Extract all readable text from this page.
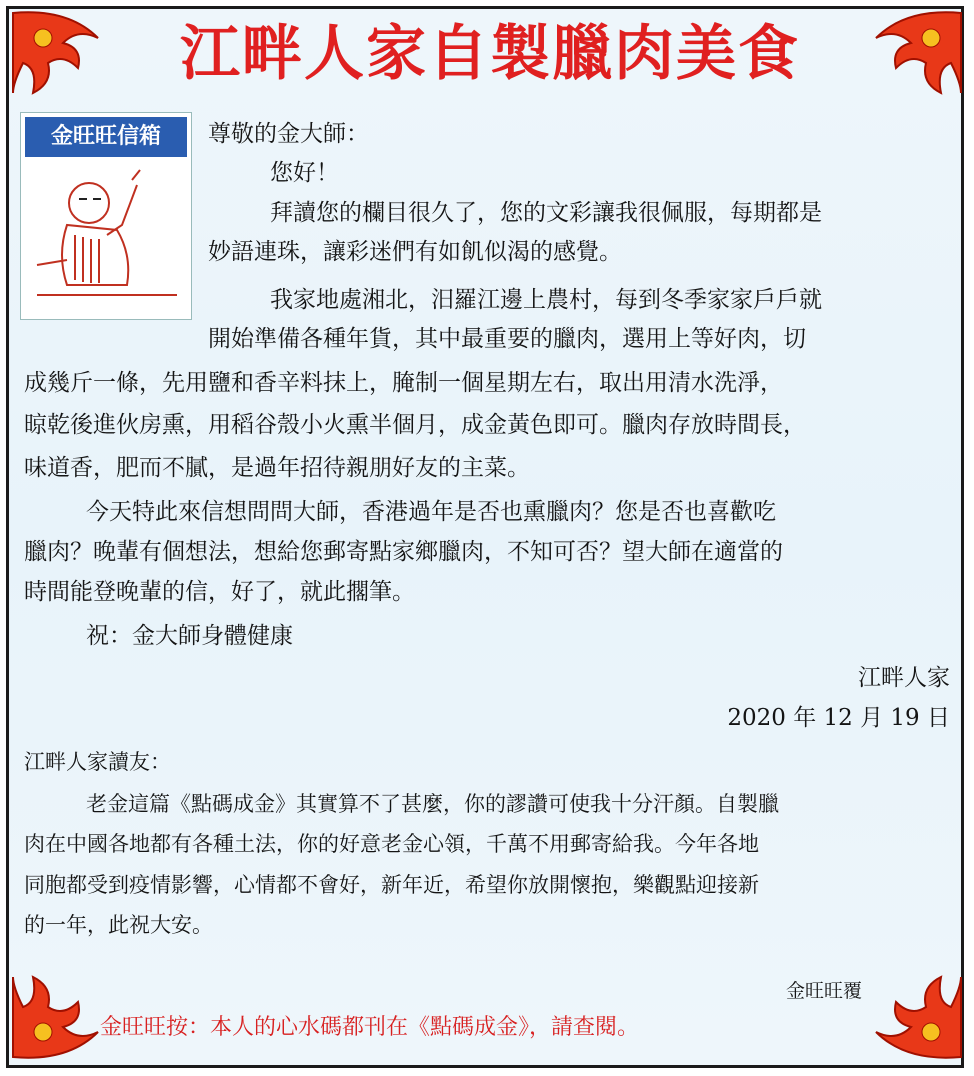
江畔人家自製臘肉美食
金旺旺信箱	尊敬的金大師：
您好！
拜讀您的欄目很久了，您的文彩讓我很佩服，每期都是
妙語連珠，讓彩迷們有如飢似渴的感覺。
我家地處湘北，汨羅江邊上農村，每到冬季家家戶戶就
開始準備各種年貨，其中最重要的臘肉，選用上等好肉，切
成幾斤一條，先用鹽和香辛料抹上，腌制一個星期左右，取出用清水洗淨，
晾乾後進伙房熏，用稻谷殼小火熏半個月，成金黃色即可。臘肉存放時間長，
味道香，肥而不膩，是過年招待親朋好友的主菜。
今天特此來信想問問大師，香港過年是否也熏臘肉？您是否也喜歡吃
臘肉？晚輩有個想法，想給您郵寄點家鄉臘肉，不知可否？望大師在適當的
時間能登晚輩的信，好了，就此擱筆。
祝：金大師身體健康
江畔人家
2020 年 12 月 19 日
江畔人家讀友：
老金這篇《點碼成金》其實算不了甚麼，你的謬讚可使我十分汗顏。自製臘
肉在中國各地都有各種土法，你的好意老金心領，千萬不用郵寄給我。今年各地
同胞都受到疫情影響，心情都不會好，新年近，希望你放開懷抱，樂觀點迎接新
的一年，此祝大安。
金旺旺覆
金旺旺按：本人的心水碼都刊在《點碼成金》，請查閱。
